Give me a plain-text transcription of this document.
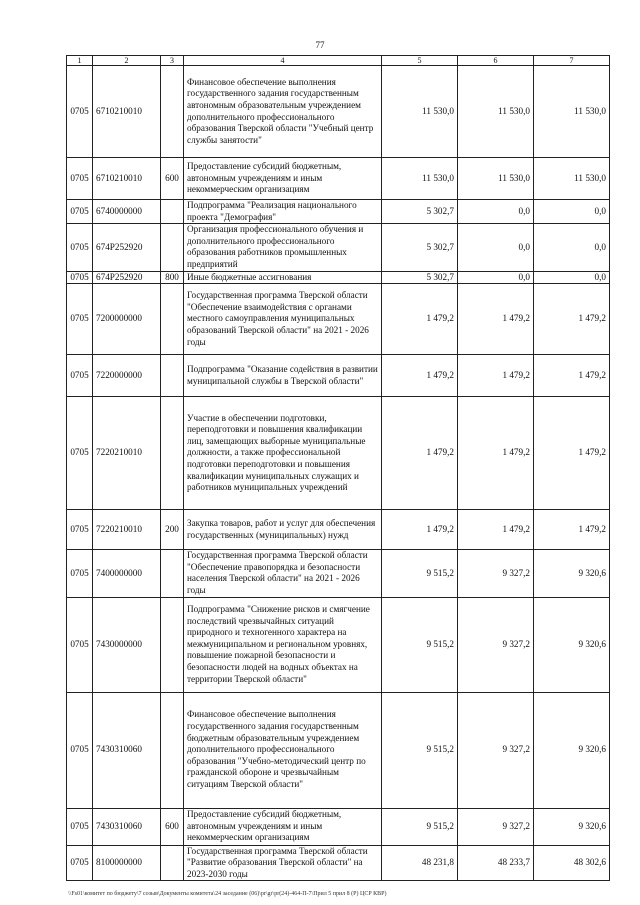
77
1	2	3	4	5	6	7
0705	6710210010		Финансовое обеспечение выполнения государственного задания государственным автономным образовательным учреждением дополнительного профессионального образования Тверской области "Учебный центр службы занятости"	11 530,0	11 530,0	11 530,0
0705	6710210010	600	Предоставление субсидий бюджетным, автономным учреждениям и иным некоммерческим организациям	11 530,0	11 530,0	11 530,0
0705	6740000000		Подпрограмма "Реализация национального проекта "Демография"	5 302,7	0,0	0,0
0705	674P252920		Организация профессионального обучения и дополнительного профессионального образования работников промышленных предприятий	5 302,7	0,0	0,0
0705	674P252920	800	Иные бюджетные ассигнования	5 302,7	0,0	0,0
0705	7200000000		Государственная программа Тверской области "Обеспечение взаимодействия с органами местного самоуправления муниципальных образований Тверской области" на 2021 - 2026 годы	1 479,2	1 479,2	1 479,2
0705	7220000000		Подпрограмма "Оказание содействия в развитии муниципальной службы в Тверской области"	1 479,2	1 479,2	1 479,2
0705	7220210010		Участие в обеспечении подготовки, переподготовки и повышения квалификации лиц, замещающих выборные муниципальные должности, а также профессиональной подготовки переподготовки и повышения квалификации муниципальных служащих и работников муниципальных учреждений	1 479,2	1 479,2	1 479,2
0705	7220210010	200	Закупка товаров, работ и услуг для обеспечения государственных (муниципальных) нужд	1 479,2	1 479,2	1 479,2
0705	7400000000		Государственная программа Тверской области "Обеспечение правопорядка и безопасности населения Тверской области" на 2021 - 2026 годы	9 515,2	9 327,2	9 320,6
0705	7430000000		Подпрограмма "Снижение рисков и смягчение последствий чрезвычайных ситуаций природного и техногенного характера на межмуниципальном и региональном уровнях, повышение пожарной безопасности и безопасности людей на водных объектах на территории Тверской области"	9 515,2	9 327,2	9 320,6
0705	7430310060		Финансовое обеспечение выполнения государственного задания государственным бюджетным образовательным учреждением дополнительного профессионального образования "Учебно-методический центр по гражданской обороне и чрезвычайным ситуациям Тверской области"	9 515,2	9 327,2	9 320,6
0705	7430310060	600	Предоставление субсидий бюджетным, автономным учреждениям и иным некоммерческим организациям	9 515,2	9 327,2	9 320,6
0705	8100000000		Государственная программа Тверской области "Развитие образования Тверской области" на 2023-2030 годы	48 231,8	48 233,7	48 302,6
\\Fs01\комитет по бюджету\7 созыв\Документы комитета\24 заседание (06)\pr\gr\pr(24)-464-П-7\Прил 5 прил 8 (Р) ЦСР КВР)
